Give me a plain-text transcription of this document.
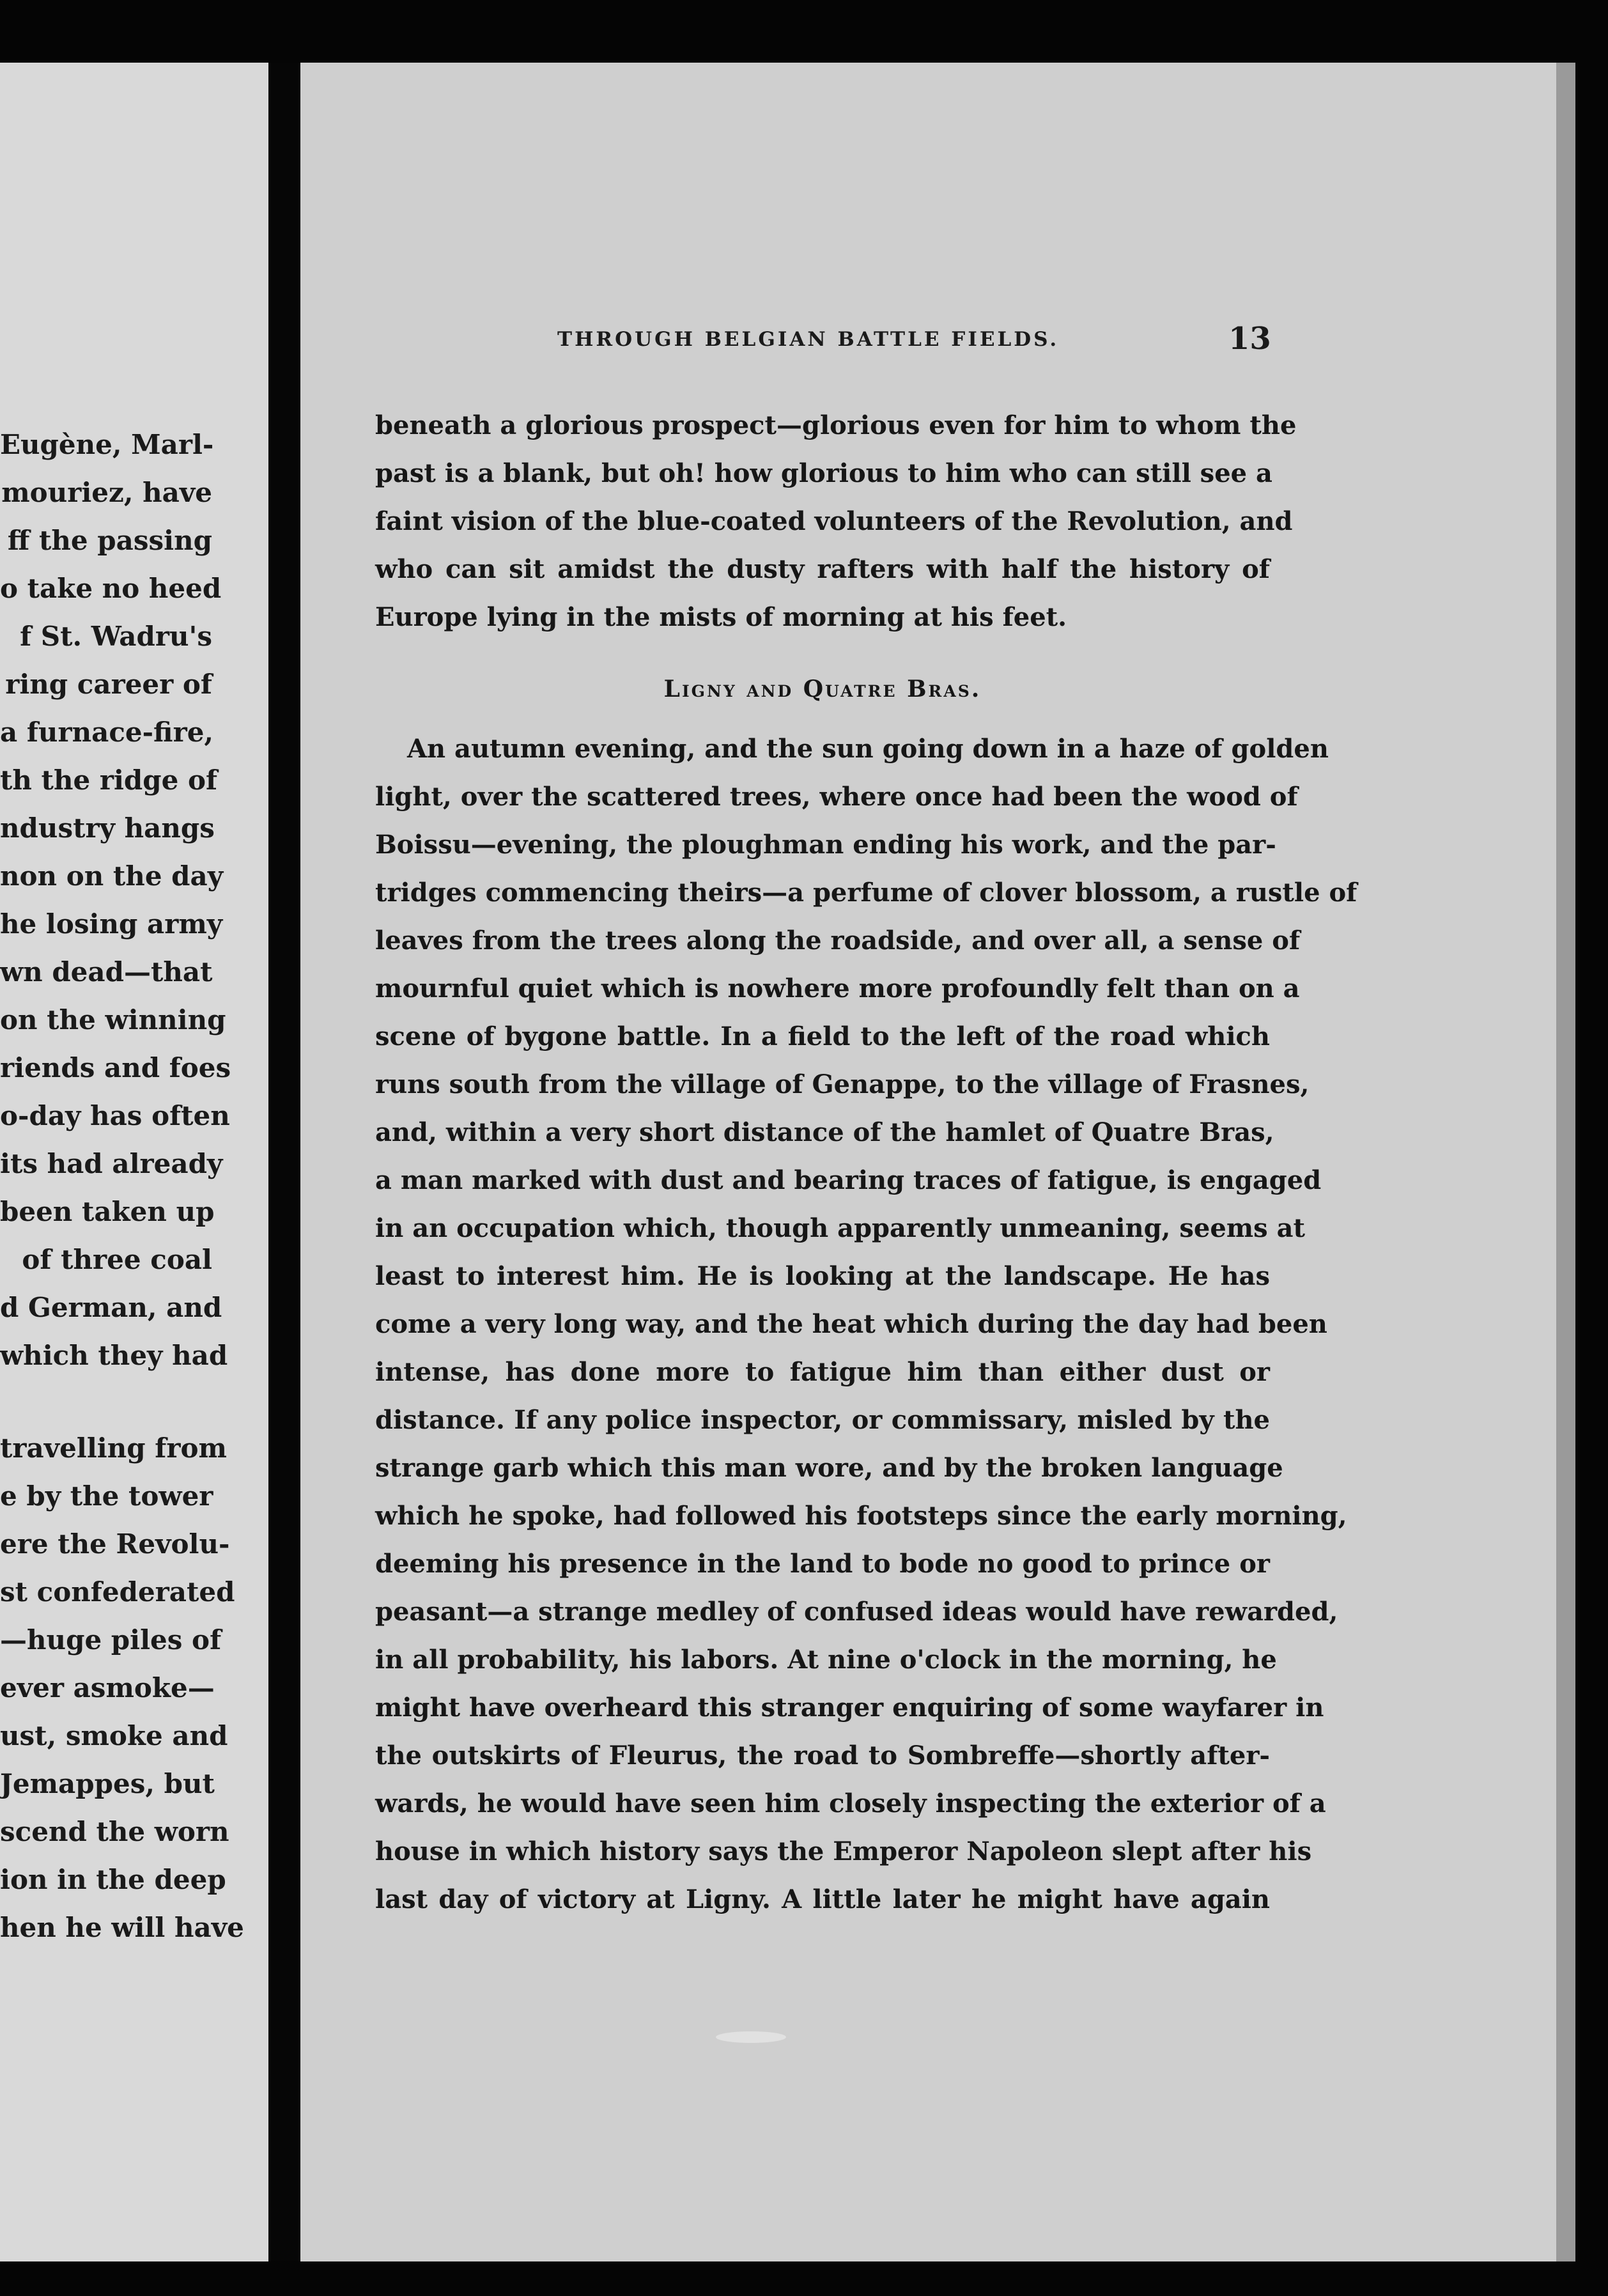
Eugène, Marl-
mouriez, have
ff the passing
o take no heed
f St. Wadru's
ring career of
a furnace-fire,
th the ridge of
ndustry hangs
non on the day
he losing army
wn dead—that
on the winning
riends and foes
o-day has often
its had already
been taken up
of three coal
d German, and
which they had
travelling from
e by the tower
ere the Revolu-
st confederated
—huge piles of
ever asmoke—
ust, smoke and
Jemappes, but
scend the worn
ion in the deep
hen he will have
THROUGH BELGIAN BATTLE FIELDS.	13
beneath a glorious prospect—glorious even for him to whom the
past is a blank, but oh! how glorious to him who can still see a
faint vision of the blue-coated volunteers of the Revolution, and
who can sit amidst the dusty rafters with half the history of
Europe lying in the mists of morning at his feet.
Ligny and Quatre Bras.
An autumn evening, and the sun going down in a haze of golden
light, over the scattered trees, where once had been the wood of
Boissu—evening, the ploughman ending his work, and the par-
tridges commencing theirs—a perfume of clover blossom, a rustle of
leaves from the trees along the roadside, and over all, a sense of
mournful quiet which is nowhere more profoundly felt than on a
scene of bygone battle. In a field to the left of the road which
runs south from the village of Genappe, to the village of Frasnes,
and, within a very short distance of the hamlet of Quatre Bras,
a man marked with dust and bearing traces of fatigue, is engaged
in an occupation which, though apparently unmeaning, seems at
least to interest him. He is looking at the landscape. He has
come a very long way, and the heat which during the day had been
intense, has done more to fatigue him than either dust or
distance. If any police inspector, or commissary, misled by the
strange garb which this man wore, and by the broken language
which he spoke, had followed his footsteps since the early morning,
deeming his presence in the land to bode no good to prince or
peasant—a strange medley of confused ideas would have rewarded,
in all probability, his labors. At nine o'clock in the morning, he
might have overheard this stranger enquiring of some wayfarer in
the outskirts of Fleurus, the road to Sombreffe—shortly after-
wards, he would have seen him closely inspecting the exterior of a
house in which history says the Emperor Napoleon slept after his
last day of victory at Ligny. A little later he might have again
